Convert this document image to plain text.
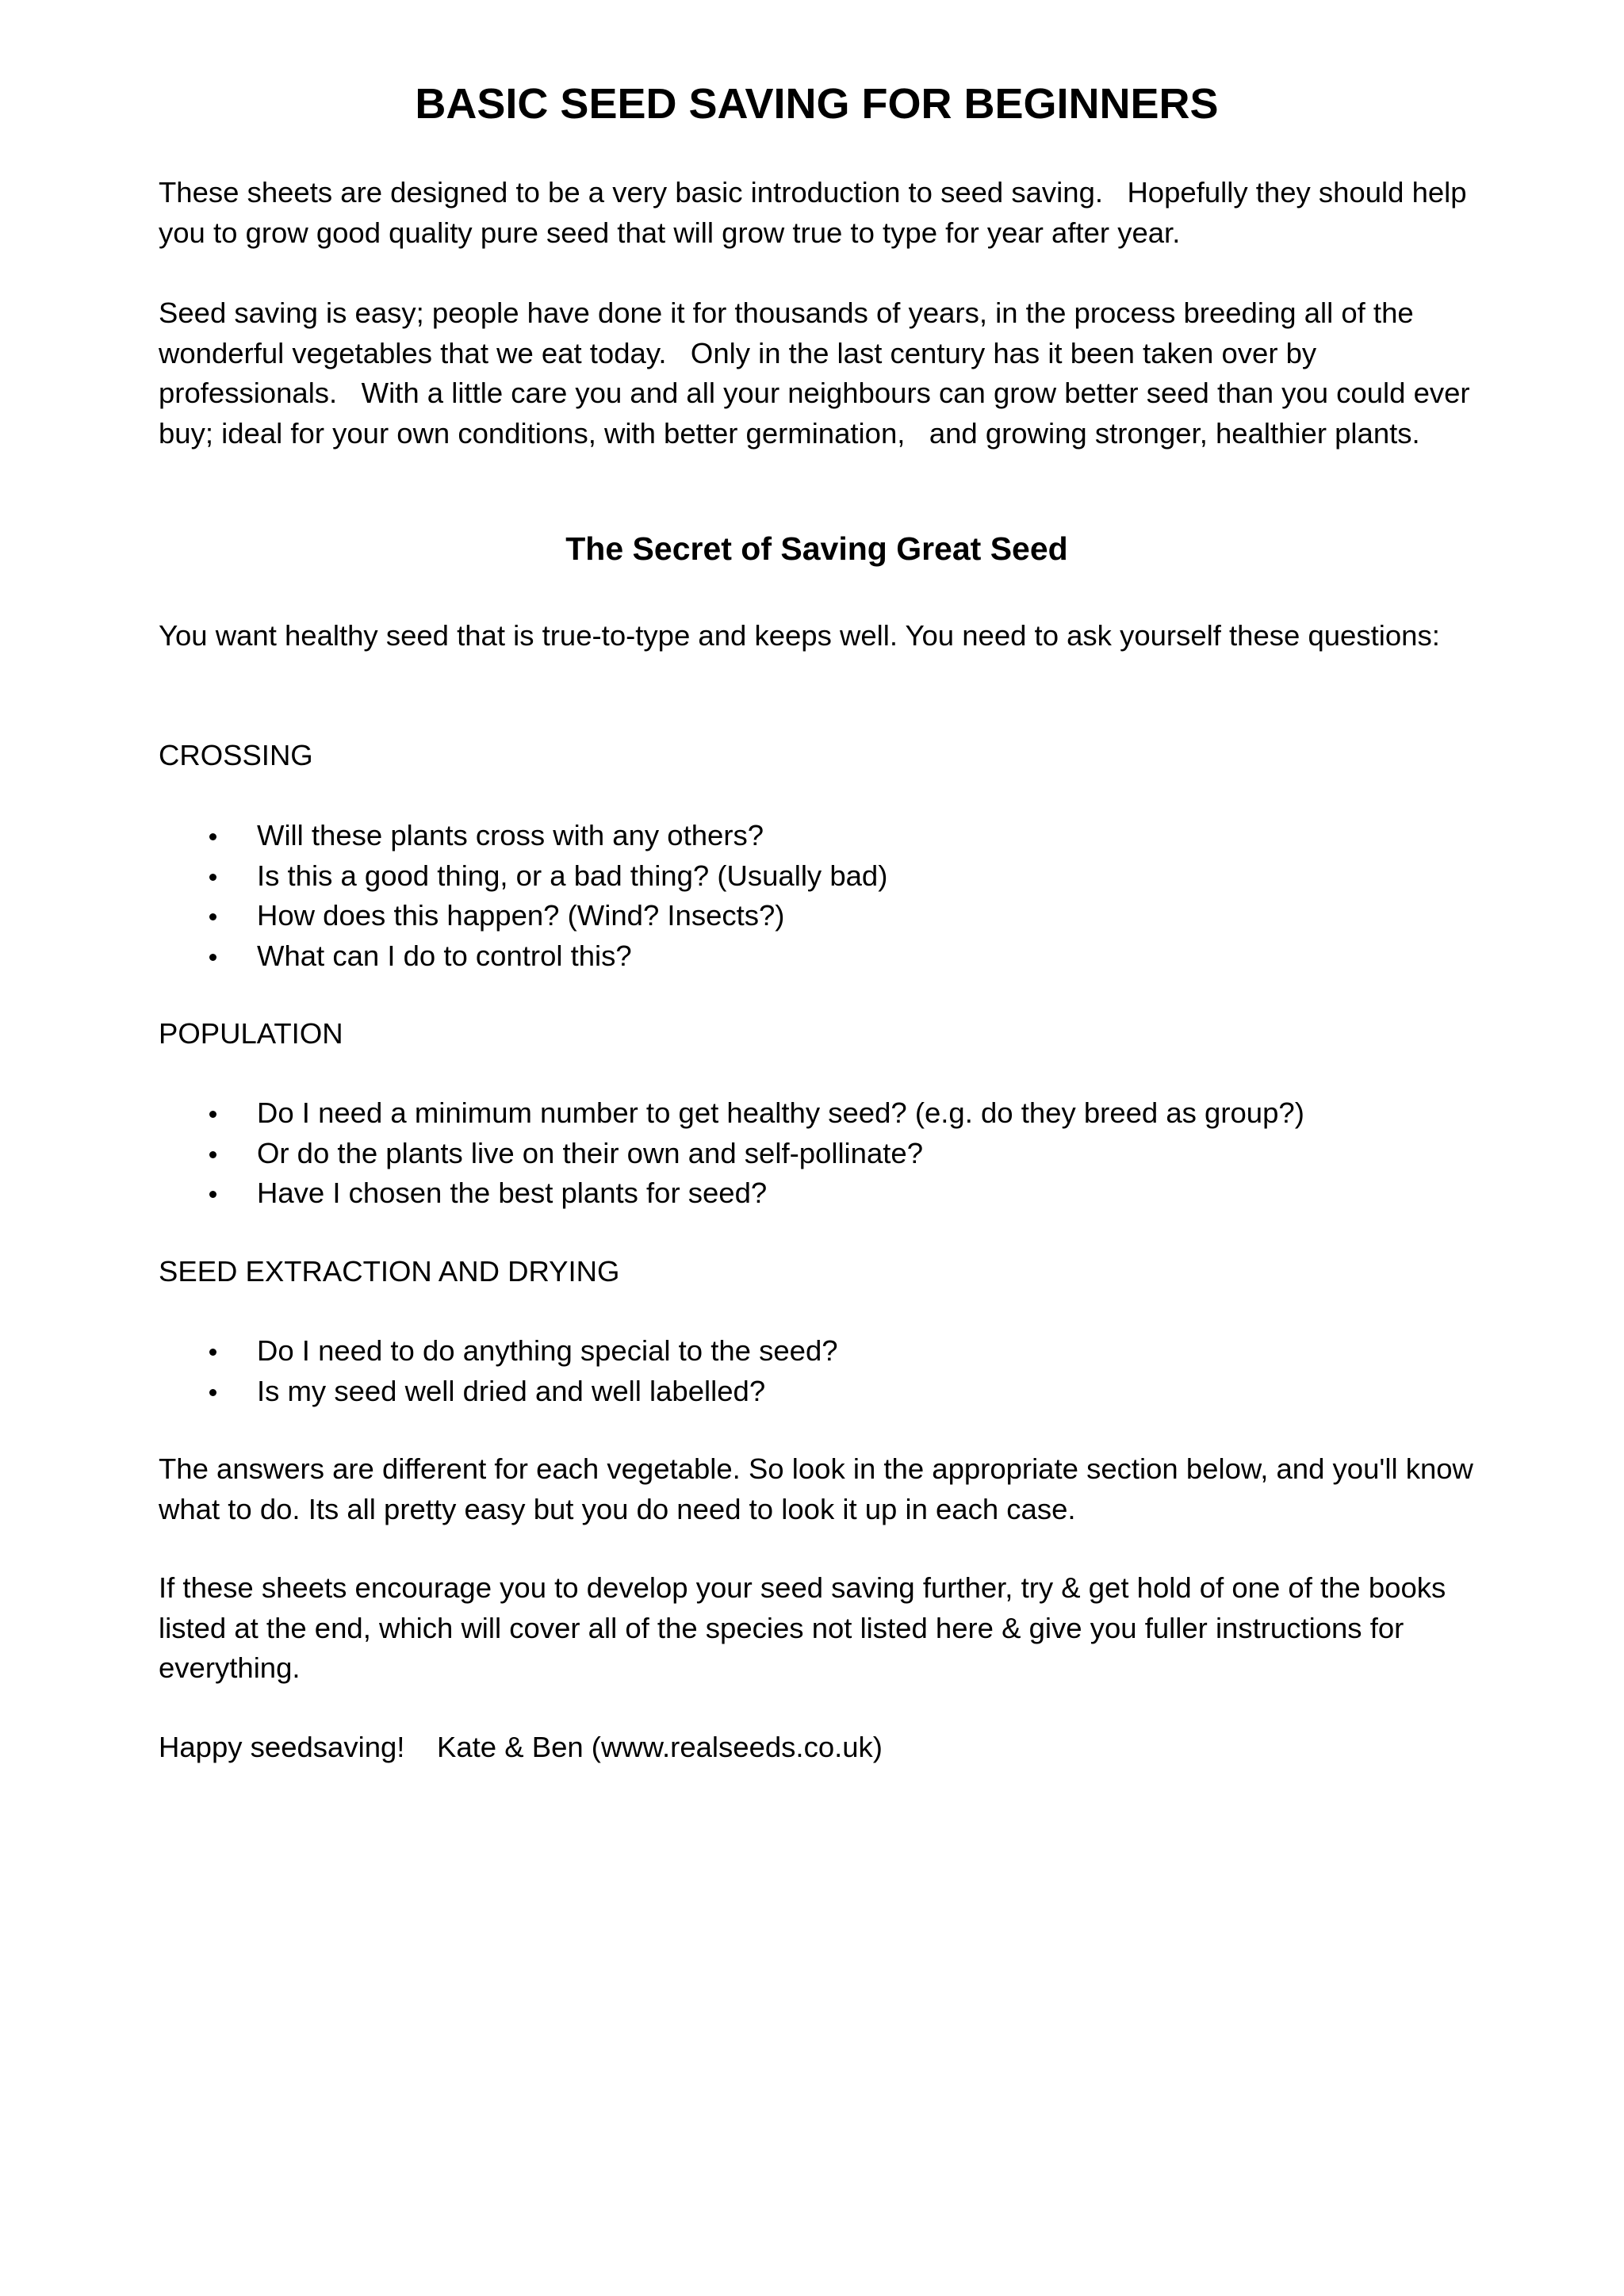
BASIC SEED SAVING FOR BEGINNERS

These sheets are designed to be a very basic introduction to seed saving.   Hopefully they should help you to grow good quality pure seed that will grow true to type for year after year.

Seed saving is easy; people have done it for thousands of years, in the process breeding all of the wonderful vegetables that we eat today.   Only in the last century has it been taken over by professionals.   With a little care you and all your neighbours can grow better seed than you could ever buy; ideal for your own conditions, with better germination,   and growing stronger, healthier plants.

The Secret of Saving Great Seed

You want healthy seed that is true-to-type and keeps well. You need to ask yourself these questions:

CROSSING

Will these plants cross with any others?
Is this a good thing, or a bad thing? (Usually bad)
How does this happen? (Wind? Insects?)
What can I do to control this?

POPULATION

Do I need a minimum number to get healthy seed? (e.g. do they breed as group?)
Or do the plants live on their own and self-pollinate?
Have I chosen the best plants for seed?

SEED EXTRACTION AND DRYING

Do I need to do anything special to the seed?
Is my seed well dried and well labelled?

The answers are different for each vegetable. So look in the appropriate section below, and you'll know what to do. Its all pretty easy but you do need to look it up in each case.

If these sheets encourage you to develop your seed saving further, try & get hold of one of the books listed at the end, which will cover all of the species not listed here & give you fuller instructions for everything.

Happy seedsaving!    Kate & Ben (www.realseeds.co.uk)
